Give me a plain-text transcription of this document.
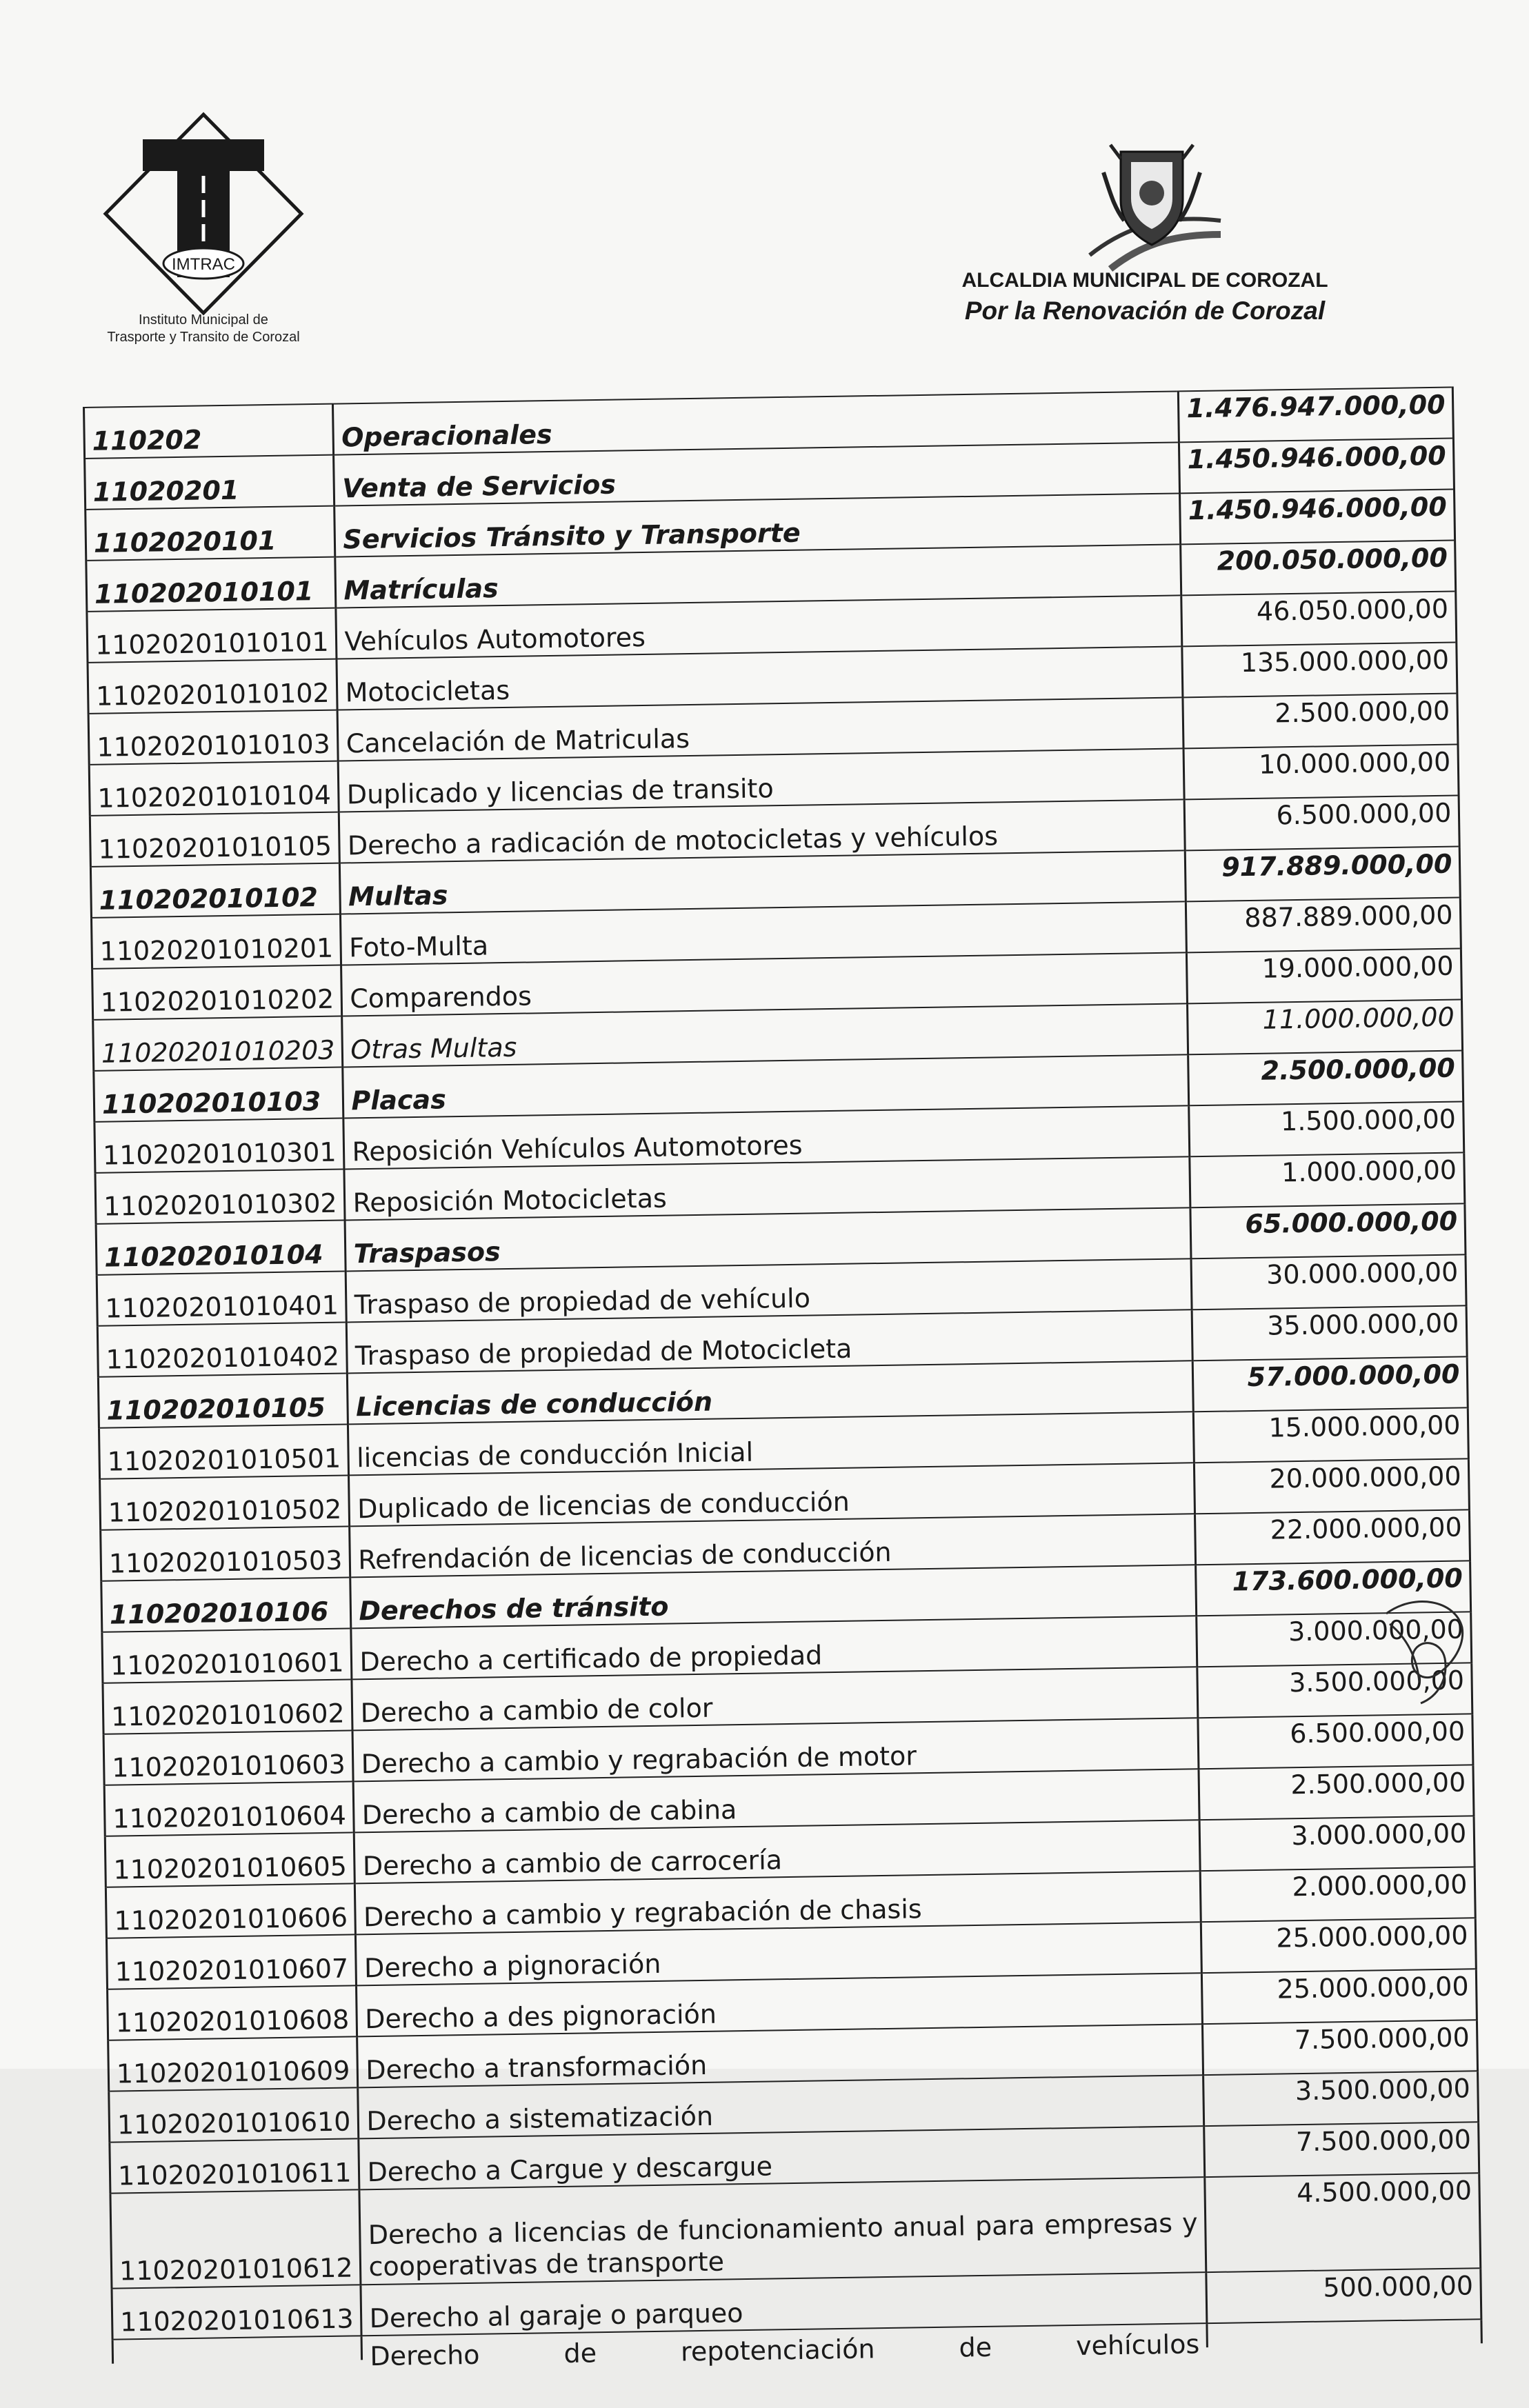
IMTRAC
Instituto Municipal de
Trasporte y Transito de Corozal
ALCALDIA MUNICIPAL DE COROZAL
Por la Renovación de Corozal
110202	Operacionales	1.476.947.000,00
11020201	Venta de Servicios	1.450.946.000,00
1102020101	Servicios Tránsito y Transporte	1.450.946.000,00
110202010101	Matrículas	200.050.000,00
11020201010101	Vehículos Automotores	46.050.000,00
11020201010102	Motocicletas	135.000.000,00
11020201010103	Cancelación de Matriculas	2.500.000,00
11020201010104	Duplicado y licencias de transito	10.000.000,00
11020201010105	Derecho a radicación de motocicletas y vehículos	6.500.000,00
110202010102	Multas	917.889.000,00
11020201010201	Foto-Multa	887.889.000,00
11020201010202	Comparendos	19.000.000,00
11020201010203	Otras Multas	11.000.000,00
110202010103	Placas	2.500.000,00
11020201010301	Reposición Vehículos Automotores	1.500.000,00
11020201010302	Reposición Motocicletas	1.000.000,00
110202010104	Traspasos	65.000.000,00
11020201010401	Traspaso de propiedad de vehículo	30.000.000,00
11020201010402	Traspaso de propiedad de Motocicleta	35.000.000,00
110202010105	Licencias de conducción	57.000.000,00
11020201010501	licencias de conducción Inicial	15.000.000,00
11020201010502	Duplicado de licencias de conducción	20.000.000,00
11020201010503	Refrendación de licencias de conducción	22.000.000,00
110202010106	Derechos de tránsito	173.600.000,00
11020201010601	Derecho a certificado de propiedad	3.000.000,00
11020201010602	Derecho a cambio de color	3.500.000,00
11020201010603	Derecho a cambio y regrabación de motor	6.500.000,00
11020201010604	Derecho a cambio de cabina	2.500.000,00
11020201010605	Derecho a cambio de carrocería	3.000.000,00
11020201010606	Derecho a cambio y regrabación de chasis	2.000.000,00
11020201010607	Derecho a pignoración	25.000.000,00
11020201010608	Derecho a des pignoración	25.000.000,00
11020201010609	Derecho a transformación	7.500.000,00
11020201010610	Derecho a sistematización	3.500.000,00
11020201010611	Derecho a Cargue y descargue	7.500.000,00
11020201010612	Derecho a licencias de funcionamiento anual para empresas y cooperativas de transporte	4.500.000,00
11020201010613	Derecho al garaje o parqueo	500.000,00

	Derecho de repotenciación de vehículos	
